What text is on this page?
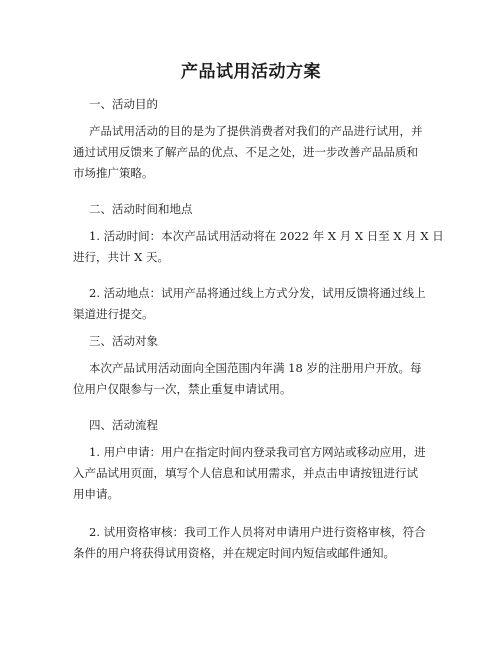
产品试用活动方案
一、活动目的
产品试用活动的目的是为了提供消费者对我们的产品进行试用，并
通过试用反馈来了解产品的优点、不足之处，进一步改善产品品质和
市场推广策略。
二、活动时间和地点
1. 活动时间：本次产品试用活动将在 2022 年 X 月 X 日至 X 月 X 日
进行，共计 X 天。
2. 活动地点：试用产品将通过线上方式分发，试用反馈将通过线上
渠道进行提交。
三、活动对象
本次产品试用活动面向全国范围内年满 18 岁的注册用户开放。每
位用户仅限参与一次，禁止重复申请试用。
四、活动流程
1. 用户申请：用户在指定时间内登录我司官方网站或移动应用，进
入产品试用页面，填写个人信息和试用需求，并点击申请按钮进行试
用申请。
2. 试用资格审核：我司工作人员将对申请用户进行资格审核，符合
条件的用户将获得试用资格，并在规定时间内短信或邮件通知。
